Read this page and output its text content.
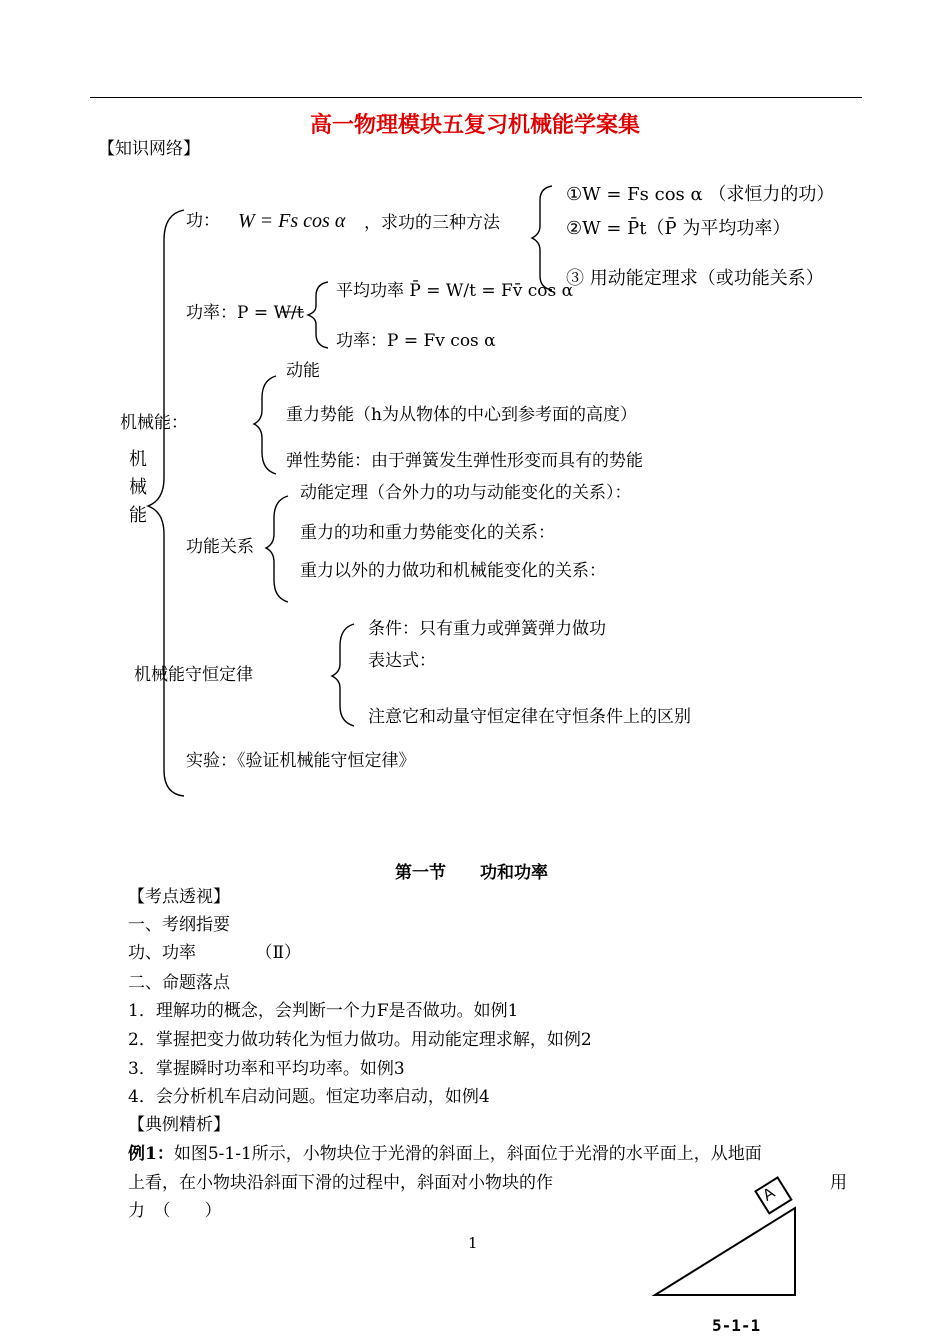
高一物理模块五复习机械能学案集
【知识网络】
机械能
功： W = Fs cos α ，求功的三种方法
①W = Fs cos α （求恒力的功）
②W = P̄t（P̄ 为平均功率）
③ 用动能定理求（或功能关系）
功率：P = W/t
平均功率 P̄ = W/t = Fv̄ cos α
功率：P = Fv cos α
机械能：
动能
重力势能（h为从物体的中心到参考面的高度）
弹性势能：由于弹簧发生弹性形变而具有的势能
功能关系
动能定理（合外力的功与动能变化的关系）：
重力的功和重力势能变化的关系：
重力以外的力做功和机械能变化的关系：
机械能守恒定律
条件：只有重力或弹簧弹力做功
表达式：
注意它和动量守恒定律在守恒条件上的区别
实验：《验证机械能守恒定律》
第一节　　功和功率
【考点透视】
一、考纲指要
功、功率　　　　（Ⅱ）
二、命题落点
1．理解功的概念，会判断一个力F是否做功。如例1
2．掌握把变力做功转化为恒力做功。用动能定理求解，如例2
3．掌握瞬时功率和平均功率。如例3
4．会分析机车启动问题。恒定功率启动，如例4
【典例精析】
例1：如图5-1-1所示，小物块位于光滑的斜面上，斜面位于光滑的水平面上，从地面
上看，在小物块沿斜面下滑的过程中，斜面对小物块的作	用
力　（　　）
1
A
5-1-1
